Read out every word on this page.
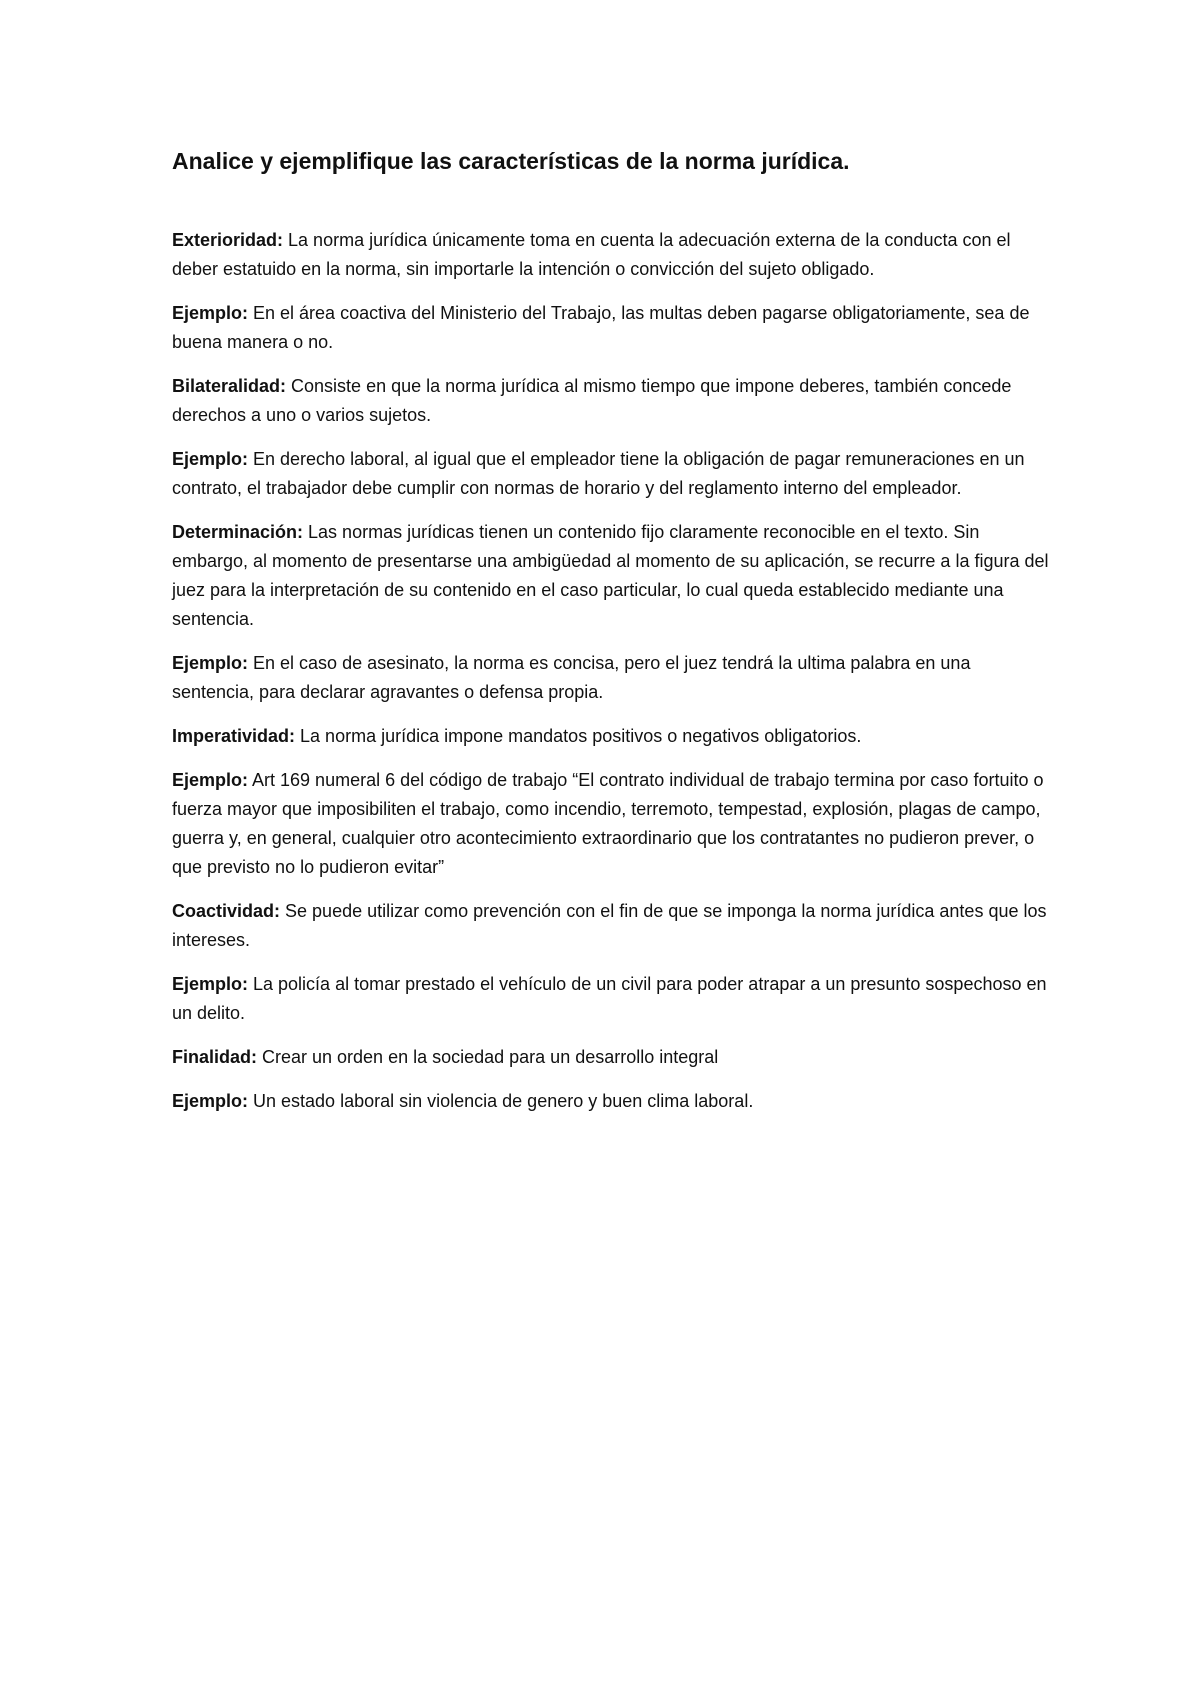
Analice y ejemplifique las características de la norma jurídica.

Exterioridad: La norma jurídica únicamente toma en cuenta la adecuación externa de la conducta con el deber estatuido en la norma, sin importarle la intención o convicción del sujeto obligado.

Ejemplo: En el área coactiva del Ministerio del Trabajo, las multas deben pagarse obligatoriamente, sea de buena manera o no.

Bilateralidad: Consiste en que la norma jurídica al mismo tiempo que impone deberes, también concede derechos a uno o varios sujetos.

Ejemplo: En derecho laboral, al igual que el empleador tiene la obligación de pagar remuneraciones en un contrato, el trabajador debe cumplir con normas de horario y del reglamento interno del empleador.

Determinación: Las normas jurídicas tienen un contenido fijo claramente reconocible en el texto. Sin embargo, al momento de presentarse una ambigüedad al momento de su aplicación, se recurre a la figura del juez para la interpretación de su contenido en el caso particular, lo cual queda establecido mediante una sentencia.

Ejemplo: En el caso de asesinato, la norma es concisa, pero el juez tendrá la ultima palabra en una sentencia, para declarar agravantes o defensa propia.

Imperatividad: La norma jurídica impone mandatos positivos o negativos obligatorios.

Ejemplo: Art 169 numeral 6 del código de trabajo “El contrato individual de trabajo termina por caso fortuito o fuerza mayor que imposibiliten el trabajo, como incendio, terremoto, tempestad, explosión, plagas de campo, guerra y, en general, cualquier otro acontecimiento extraordinario que los contratantes no pudieron prever, o que previsto no lo pudieron evitar”

Coactividad: Se puede utilizar como prevención con el fin de que se imponga la norma jurídica antes que los intereses.

Ejemplo: La policía al tomar prestado el vehículo de un civil para poder atrapar a un presunto sospechoso en un delito.

Finalidad: Crear un orden en la sociedad para un desarrollo integral

Ejemplo: Un estado laboral sin violencia de genero y buen clima laboral.
